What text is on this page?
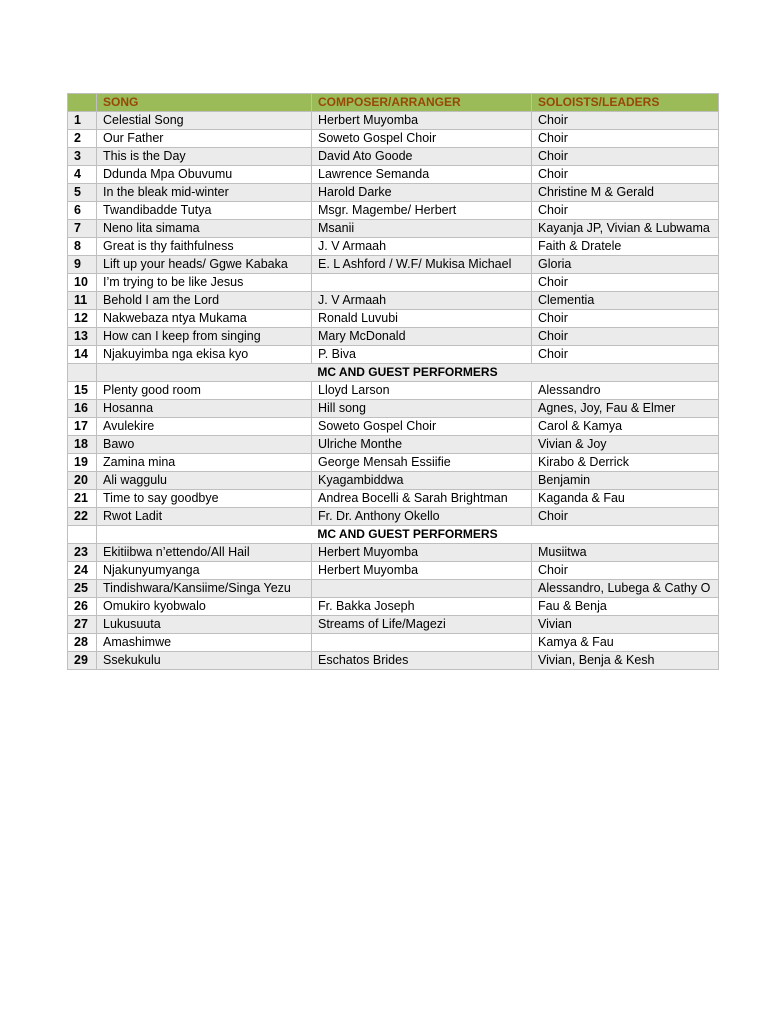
	SONG	COMPOSER/ARRANGER	SOLOISTS/LEADERS
1	Celestial Song	Herbert Muyomba	Choir
2	Our Father	Soweto Gospel Choir	Choir
3	This is the Day	David Ato Goode	Choir
4	Ddunda Mpa Obuvumu	Lawrence Semanda	Choir
5	In the bleak mid-winter	Harold Darke	Christine M & Gerald
6	Twandibadde Tutya	Msgr. Magembe/ Herbert	Choir
7	Neno lita simama	Msanii	Kayanja JP, Vivian & Lubwama
8	Great is thy faithfulness	J. V Armaah	Faith & Dratele
9	Lift up your heads/ Ggwe Kabaka	E. L Ashford / W.F/ Mukisa Michael	Gloria
10	I’m trying to be like Jesus		Choir
11	Behold I am the Lord	J. V Armaah	Clementia
12	Nakwebaza ntya Mukama	Ronald Luvubi	Choir
13	How can I keep from singing	Mary McDonald	Choir
14	Njakuyimba nga ekisa kyo	P. Biva	Choir
	MC AND GUEST PERFORMERS		
15	Plenty good room	Lloyd Larson	Alessandro
16	Hosanna	Hill song	Agnes, Joy, Fau & Elmer
17	Avulekire	Soweto Gospel Choir	Carol & Kamya
18	Bawo	Ulriche Monthe	Vivian & Joy
19	Zamina mina	George Mensah Essiifie	Kirabo & Derrick
20	Ali waggulu	Kyagambiddwa	Benjamin
21	Time to say goodbye	Andrea Bocelli & Sarah Brightman	Kaganda & Fau
22	Rwot Ladit	Fr. Dr. Anthony Okello	Choir
	MC AND GUEST PERFORMERS		
23	Ekitiibwa n’ettendo/All Hail	Herbert Muyomba	Musiitwa
24	Njakunyumyanga	Herbert Muyomba	Choir
25	Tindishwara/Kansiime/Singa Yezu		Alessandro, Lubega & Cathy O
26	Omukiro kyobwalo	Fr. Bakka Joseph	Fau & Benja
27	Lukusuuta	Streams of Life/Magezi	Vivian
28	Amashimwe		Kamya & Fau
29	Ssekukulu	Eschatos Brides	Vivian, Benja & Kesh
